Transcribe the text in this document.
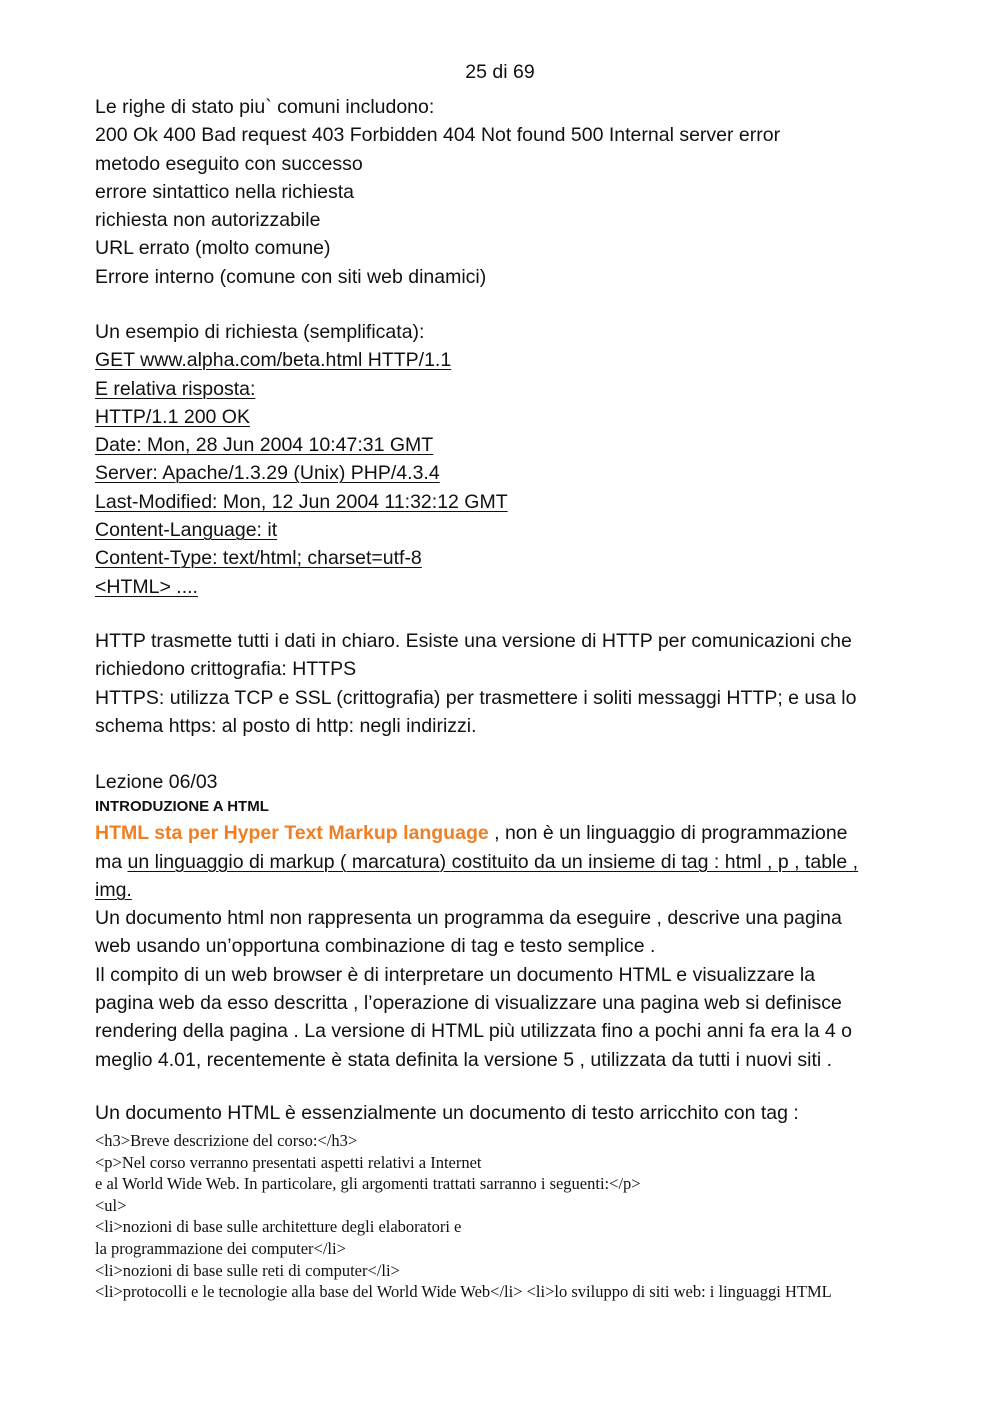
25 di 69
Le righe di stato piu` comuni includono:
200 Ok 400 Bad request 403 Forbidden 404 Not found 500 Internal server error
metodo eseguito con successo
errore sintattico nella richiesta
richiesta non autorizzabile
URL errato (molto comune)
Errore interno (comune con siti web dinamici)
Un esempio di richiesta (semplificata):
GET www.alpha.com/beta.html HTTP/1.1
E relativa risposta:
HTTP/1.1 200 OK
Date: Mon, 28 Jun 2004 10:47:31 GMT
Server: Apache/1.3.29 (Unix) PHP/4.3.4
Last-Modified: Mon, 12 Jun 2004 11:32:12 GMT
Content-Language: it
Content-Type: text/html; charset=utf-8
<HTML> ....
HTTP trasmette tutti i dati in chiaro. Esiste una versione di HTTP per comunicazioni che
richiedono crittografia: HTTPS
HTTPS: utilizza TCP e SSL (crittografia) per trasmettere i soliti messaggi HTTP; e usa lo
schema https: al posto di http: negli indirizzi.
Lezione 06/03
INTRODUZIONE A HTML
HTML sta per Hyper Text Markup language , non è un linguaggio di programmazione
ma un linguaggio di markup ( marcatura) costituito da un insieme di tag : html , p , table ,
img.
Un documento html non rappresenta un programma da eseguire , descrive una pagina
web usando un’opportuna combinazione di tag e testo semplice .
Il compito di un web browser è di interpretare un documento HTML e visualizzare la
pagina web da esso descritta , l’operazione di visualizzare una pagina web si definisce
rendering della pagina . La versione di HTML più utilizzata fino a pochi anni fa era la 4 o
meglio 4.01, recentemente è stata definita la versione 5 , utilizzata da tutti i nuovi siti .
Un documento HTML è essenzialmente un documento di testo arricchito con tag :
<h3>Breve descrizione del corso:</h3>
<p>Nel corso verranno presentati aspetti relativi a Internet
e al World Wide Web. In particolare, gli argomenti trattati sarranno i seguenti:</p>
<ul>
<li>nozioni di base sulle architetture degli elaboratori e
la programmazione dei computer</li>
<li>nozioni di base sulle reti di computer</li>
<li>protocolli e le tecnologie alla base del World Wide Web</li> <li>lo sviluppo di siti web: i linguaggi HTML
